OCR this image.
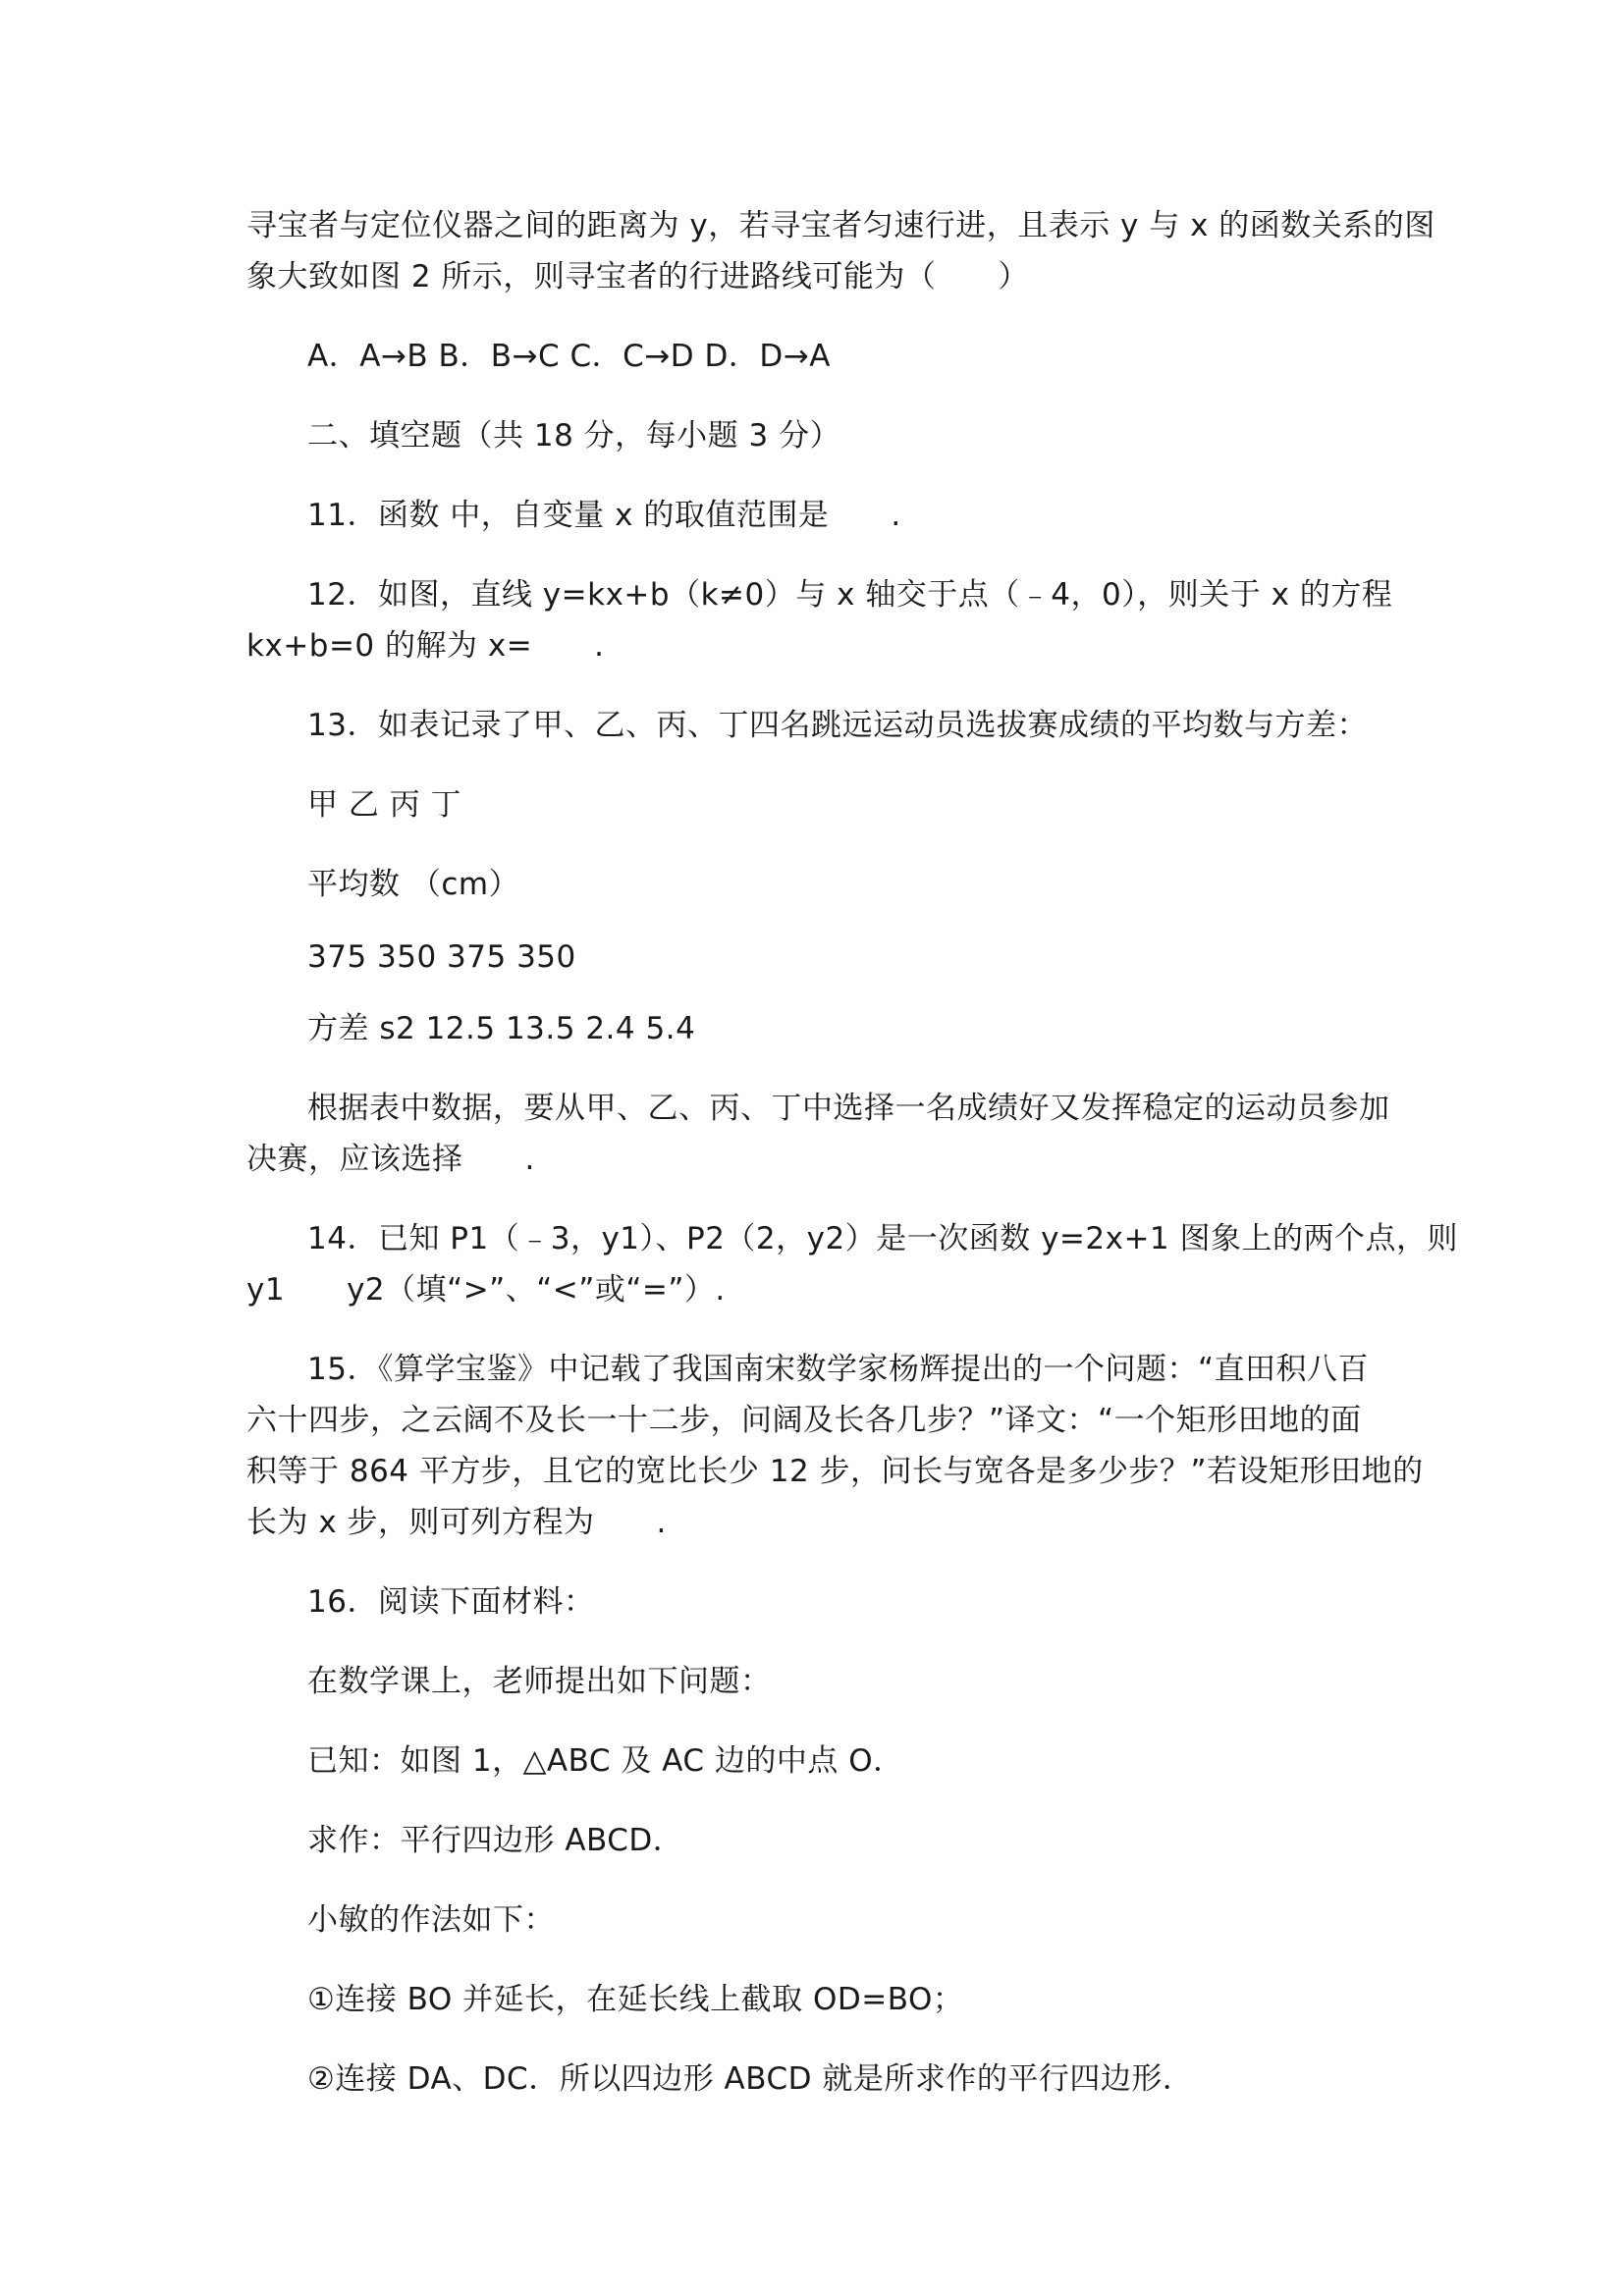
寻宝者与定位仪器之间的距离为 y，若寻宝者匀速行进，且表示 y 与 x 的函数关系的图
象大致如图 2 所示，则寻宝者的行进路线可能为（　　）
A．A→B B．B→C C．C→D D．D→A
二、填空题（共 18 分，每小题 3 分）
11．函数 中，自变量 x 的取值范围是　　.
12．如图，直线 y=kx+b（k≠0）与 x 轴交于点（﹣4，0），则关于 x 的方程
kx+b=0 的解为 x=　　.
13．如表记录了甲、乙、丙、丁四名跳远运动员选拔赛成绩的平均数与方差：
甲 乙 丙 丁
平均数 （cm）
375 350 375 350
方差 s2 12.5 13.5 2.4 5.4
根据表中数据，要从甲、乙、丙、丁中选择一名成绩好又发挥稳定的运动员参加
决赛，应该选择　　.
14．已知 P1（﹣3，y1）、P2（2，y2）是一次函数 y=2x+1 图象上的两个点，则
y1　　y2（填“>”、“<”或“=”）.
15．《算学宝鉴》中记载了我国南宋数学家杨辉提出的一个问题：“直田积八百
六十四步，之云阔不及长一十二步，问阔及长各几步？”译文：“一个矩形田地的面
积等于 864 平方步，且它的宽比长少 12 步，问长与宽各是多少步？”若设矩形田地的
长为 x 步，则可列方程为　　.
16．阅读下面材料：
在数学课上，老师提出如下问题：
已知：如图 1，△ABC 及 AC 边的中点 O．
求作：平行四边形 ABCD．
小敏的作法如下：
①连接 BO 并延长，在延长线上截取 OD=BO；
②连接 DA、DC．所以四边形 ABCD 就是所求作的平行四边形．
